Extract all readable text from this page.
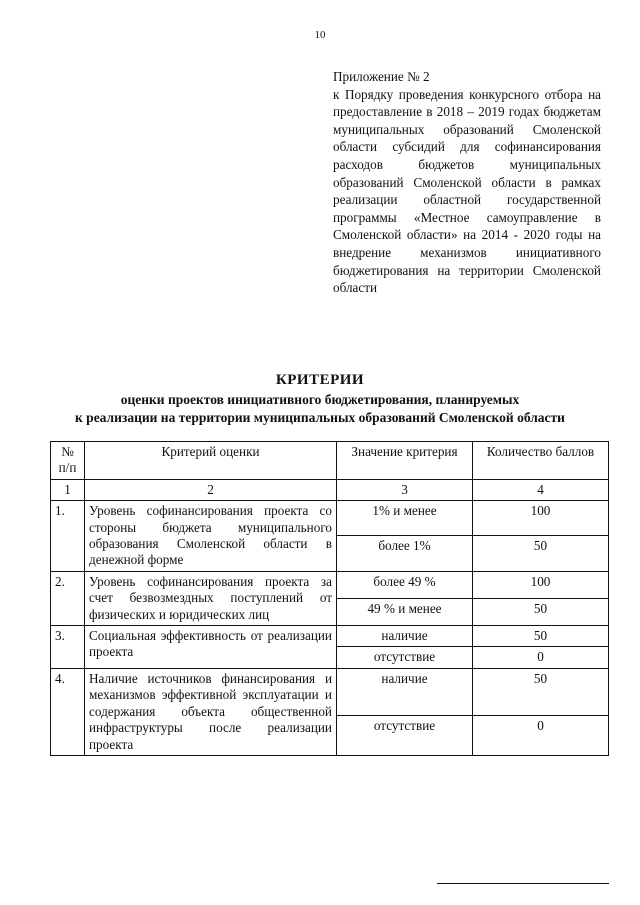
10
Приложение № 2
к Порядку проведения конкурсного отбора на предоставление в 2018 – 2019 годах бюджетам муниципальных образований Смоленской области субсидий для софинансирования расходов бюджетов муниципальных образований Смоленской области в рамках реализации областной государственной программы «Местное самоуправление в Смоленской области» на 2014 - 2020 годы на внедрение механизмов инициативного бюджетирования на территории Смоленской области
КРИТЕРИИ
оценки проектов инициативного бюджетирования, планируемых
к реализации на территории муниципальных образований Смоленской области
№ п/п	Критерий оценки	Значение критерия	Количество баллов
1	2	3	4
1.	Уровень софинансирования проекта со стороны бюджета муниципального образования Смоленской области в денежной форме	1% и менее	100
		более 1%	50
2.	Уровень софинансирования проекта за счет безвозмездных поступлений от физических и юридических лиц	более 49 %	100
		49 % и менее	50
3.	Социальная эффективность от реализации проекта	наличие	50
		отсутствие	0
4.	Наличие источников финансирования и механизмов эффективной эксплуатации и содержания объекта общественной инфраструктуры после реализации проекта	наличие	50
		отсутствие	0
